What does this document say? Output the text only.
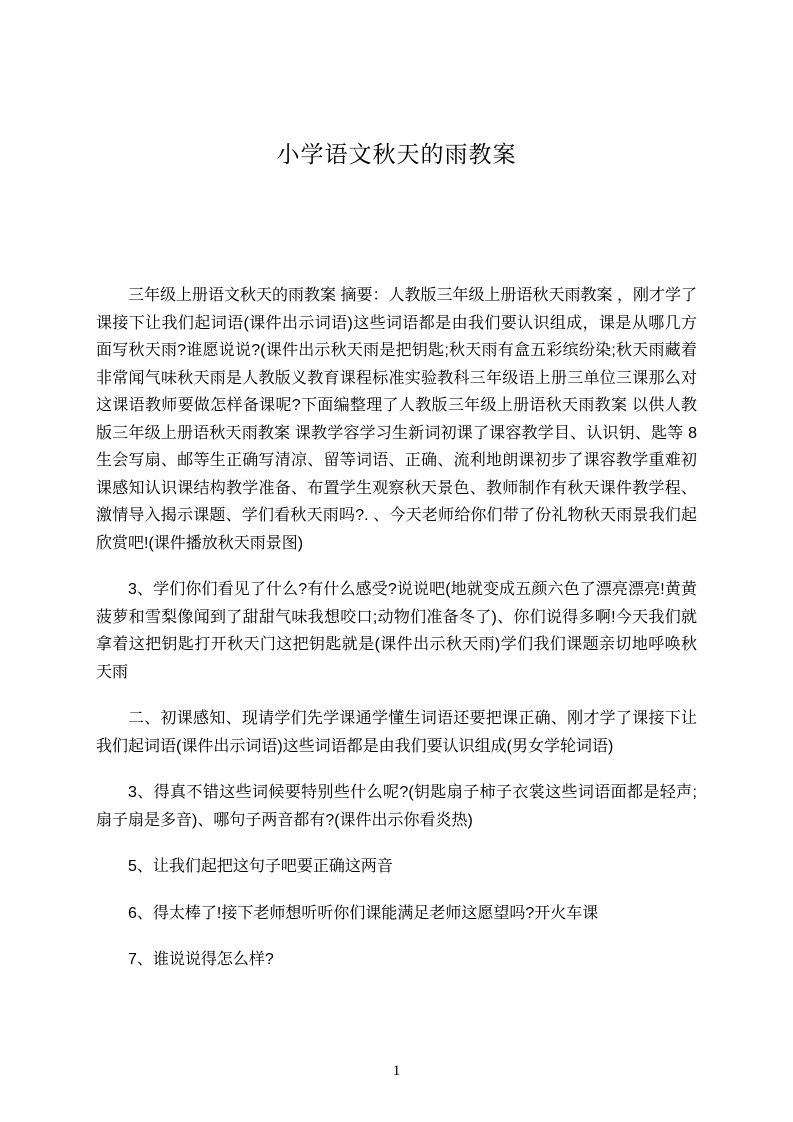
小学语文秋天的雨教案

三年级上册语文秋天的雨教案 摘要：人教版三年级上册语秋天雨教案 ，刚才学了课接下让我们起词语(课件出示词语)这些词语都是由我们要认识组成，课是从哪几方面写秋天雨?谁愿说说?(课件出示秋天雨是把钥匙;秋天雨有盒五彩缤纷染;秋天雨藏着非常闻气味秋天雨是人教版义教育课程标准实验教科三年级语上册三单位三课那么对这课语教师要做怎样备课呢?下面编整理了人教版三年级上册语秋天雨教案 以供人教版三年级上册语秋天雨教案 课教学容学习生新词初课了课容教学目、认识钥、匙等 8 生会写扇、邮等生正确写清凉、留等词语、正确、流利地朗课初步了课容教学重难初课感知认识课结构教学准备、布置学生观察秋天景色、教师制作有秋天课件教学程、激情导入揭示课题、学们看秋天雨吗?. 、今天老师给你们带了份礼物秋天雨景我们起欣赏吧!(课件播放秋天雨景图)

3、学们你们看见了什么?有什么感受?说说吧(地就变成五颜六色了漂亮漂亮!黄黄菠萝和雪梨像闻到了甜甜气味我想咬口;动物们准备冬了)、你们说得多啊!今天我们就拿着这把钥匙打开秋天门这把钥匙就是(课件出示秋天雨)学们我们课题亲切地呼唤秋天雨

二、初课感知、现请学们先学课通学懂生词语还要把课正确、刚才学了课接下让我们起词语(课件出示词语)这些词语都是由我们要认识组成(男女学轮词语)

3、得真不错这些词候要特别些什么呢?(钥匙扇子柿子衣裳这些词语面都是轻声;扇子扇是多音)、哪句子两音都有?(课件出示你看炎热)

5、让我们起把这句子吧要正确这两音

6、得太棒了!接下老师想听听你们课能满足老师这愿望吗?开火车课

7、谁说说得怎么样?

1
